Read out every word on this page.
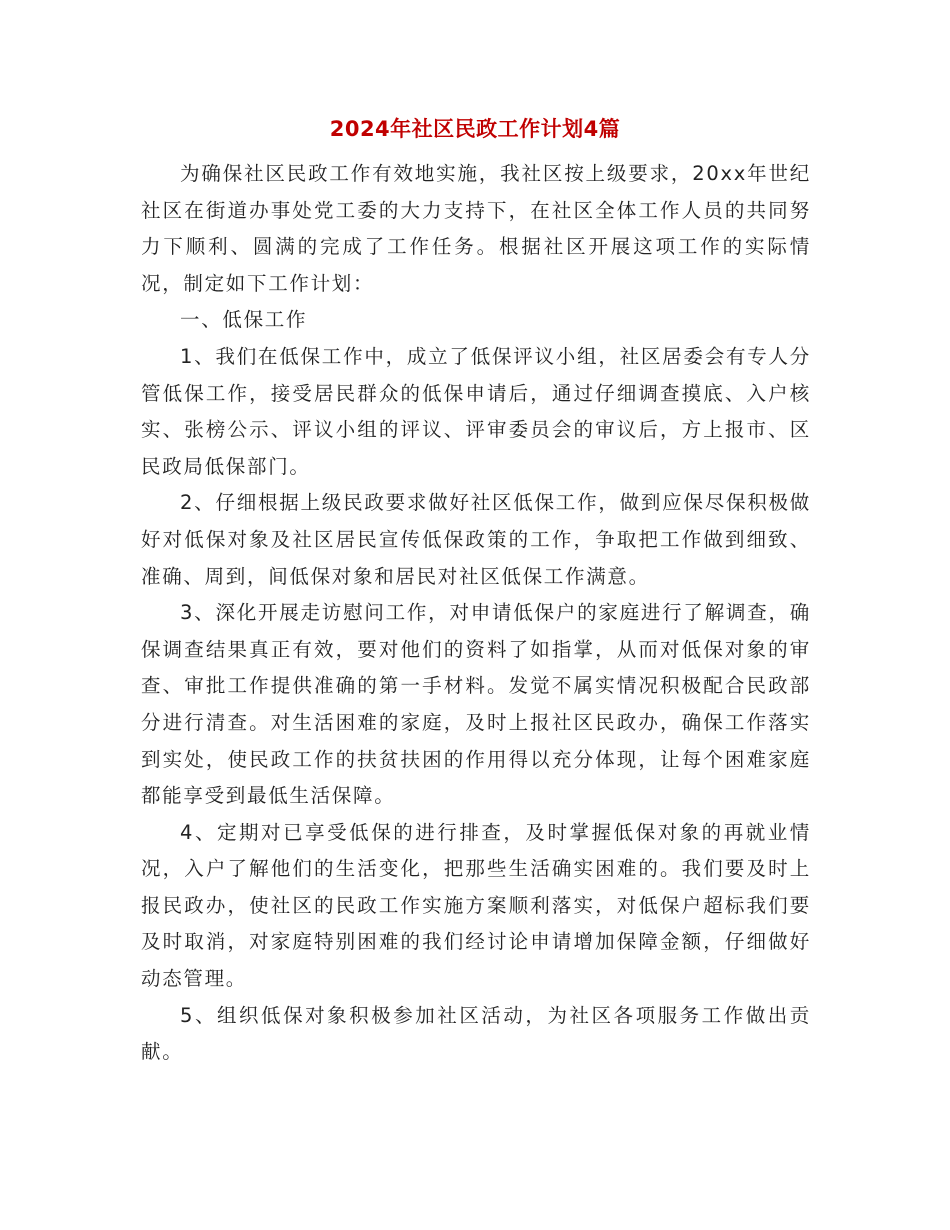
2024年社区民政工作计划4篇

为确保社区民政工作有效地实施，我社区按上级要求，20xx年世纪社区在街道办事处党工委的大力支持下，在社区全体工作人员的共同努力下顺利、圆满的完成了工作任务。根据社区开展这项工作的实际情况，制定如下工作计划：

一、低保工作

1、我们在低保工作中，成立了低保评议小组，社区居委会有专人分管低保工作，接受居民群众的低保申请后，通过仔细调查摸底、入户核实、张榜公示、评议小组的评议、评审委员会的审议后，方上报市、区民政局低保部门。

2、仔细根据上级民政要求做好社区低保工作，做到应保尽保积极做好对低保对象及社区居民宣传低保政策的工作，争取把工作做到细致、准确、周到，间低保对象和居民对社区低保工作满意。

3、深化开展走访慰问工作，对申请低保户的家庭进行了解调查，确保调查结果真正有效，要对他们的资料了如指掌，从而对低保对象的审查、审批工作提供准确的第一手材料。发觉不属实情况积极配合民政部分进行清查。对生活困难的家庭，及时上报社区民政办，确保工作落实到实处，使民政工作的扶贫扶困的作用得以充分体现，让每个困难家庭都能享受到最低生活保障。

4、定期对已享受低保的进行排查，及时掌握低保对象的再就业情况，入户了解他们的生活变化，把那些生活确实困难的。我们要及时上报民政办，使社区的民政工作实施方案顺利落实，对低保户超标我们要及时取消，对家庭特别困难的我们经讨论申请增加保障金额，仔细做好动态管理。

5、组织低保对象积极参加社区活动，为社区各项服务工作做出贡献。
